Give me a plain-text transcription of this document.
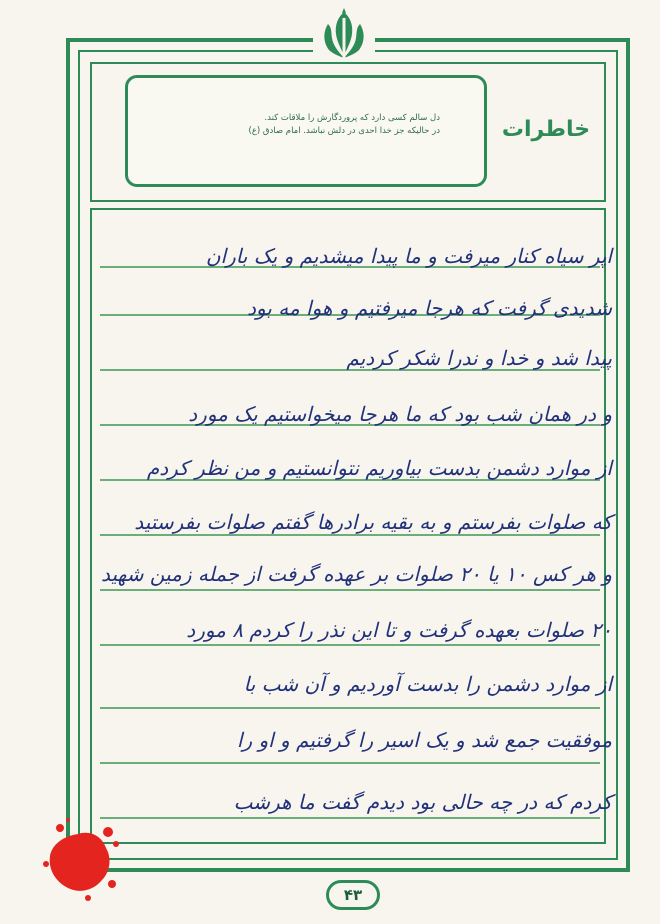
دل سالم کسی دارد که پروردگارش را ملاقات کند.
در حالیکه جز خدا احدی در دلش نباشد. امام صادق (ع)	خاطرات
اپر سیاه کنار میرفت و ما پیدا میشدیم و یک باران
شدیدی گرفت که هرجا میرفتیم و هوا مه بود
پیدا شد و خدا و ندرا شکر کردیم
و در همان شب بود که ما هرجا میخواستیم یک مورد
از موارد دشمن بدست بیاوریم نتوانستیم و من نظر کردم
که صلوات بفرستم و به بقیه برادرها گفتم صلوات بفرستید
و هر کس ۱۰ یا ۲۰ صلوات بر عهده گرفت از جمله زمین شهید
۲۰ صلوات بعهده گرفت و تا این نذر را کردم ۸ مورد
از موارد دشمن را بدست آوردیم و آن شب با
موفقیت جمع شد و یک اسیر را گرفتیم و او را
کردم که در چه حالی بود دیدم گفت ما هرشب
۴۳
